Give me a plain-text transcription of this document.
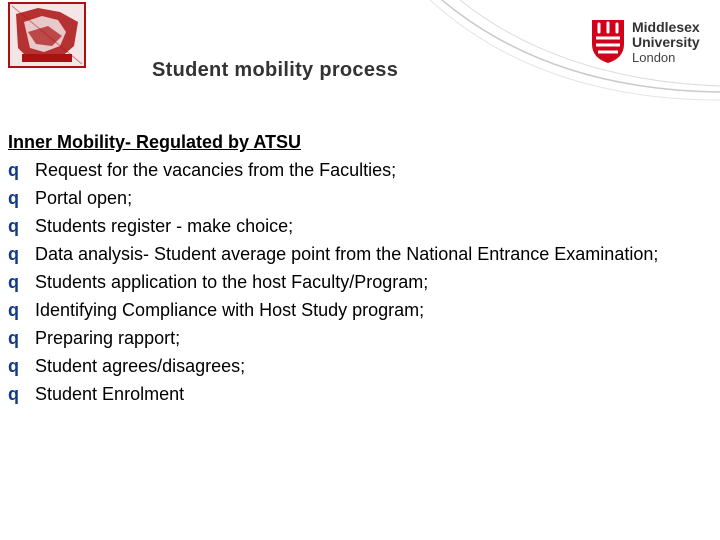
Middlesex
University
London
Student mobility process

Inner Mobility- Regulated by ATSU

q Request for the vacancies from the Faculties;
q Portal open;
q Students register - make choice;
q Data analysis- Student average point from the National Entrance Examination;
q Students application to the host Faculty/Program;
q Identifying Compliance with Host Study program;
q Preparing rapport;
q Student agrees/disagrees;
q Student Enrolment
